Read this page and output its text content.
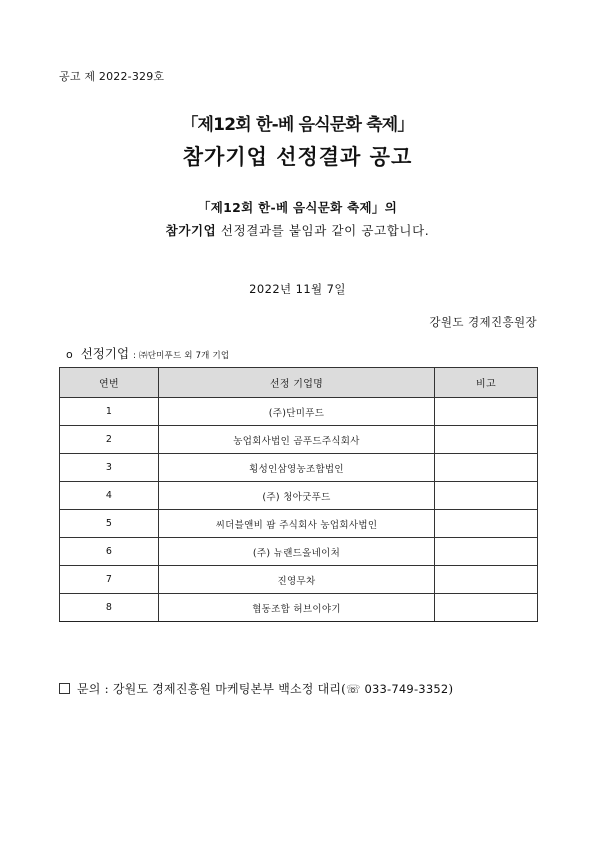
공고 제 2022-329호
「제12회 한-베 음식문화 축제」
참가기업 선정결과 공고
「제12회 한-베 음식문화 축제」의
참가기업 선정결과를 붙임과 같이 공고합니다.
2022년 11월 7일
강원도 경제진흥원장
o 선정기업 : ㈜단미푸드 외 7개 기업
연번	선정 기업명	비고
1	(주)단미푸드	
2	농업회사법인 곰푸드주식회사	
3	횡성인삼영농조합법인	
4	(주) 청아굿푸드	
5	씨더블앤비 팜 주식회사 농업회사법인	
6	(주) 뉴랜드올네이처	
7	진영무차	
8	협동조합 허브이야기	
문의 : 강원도 경제진흥원 마케팅본부 백소정 대리(☏ 033-749-3352)
